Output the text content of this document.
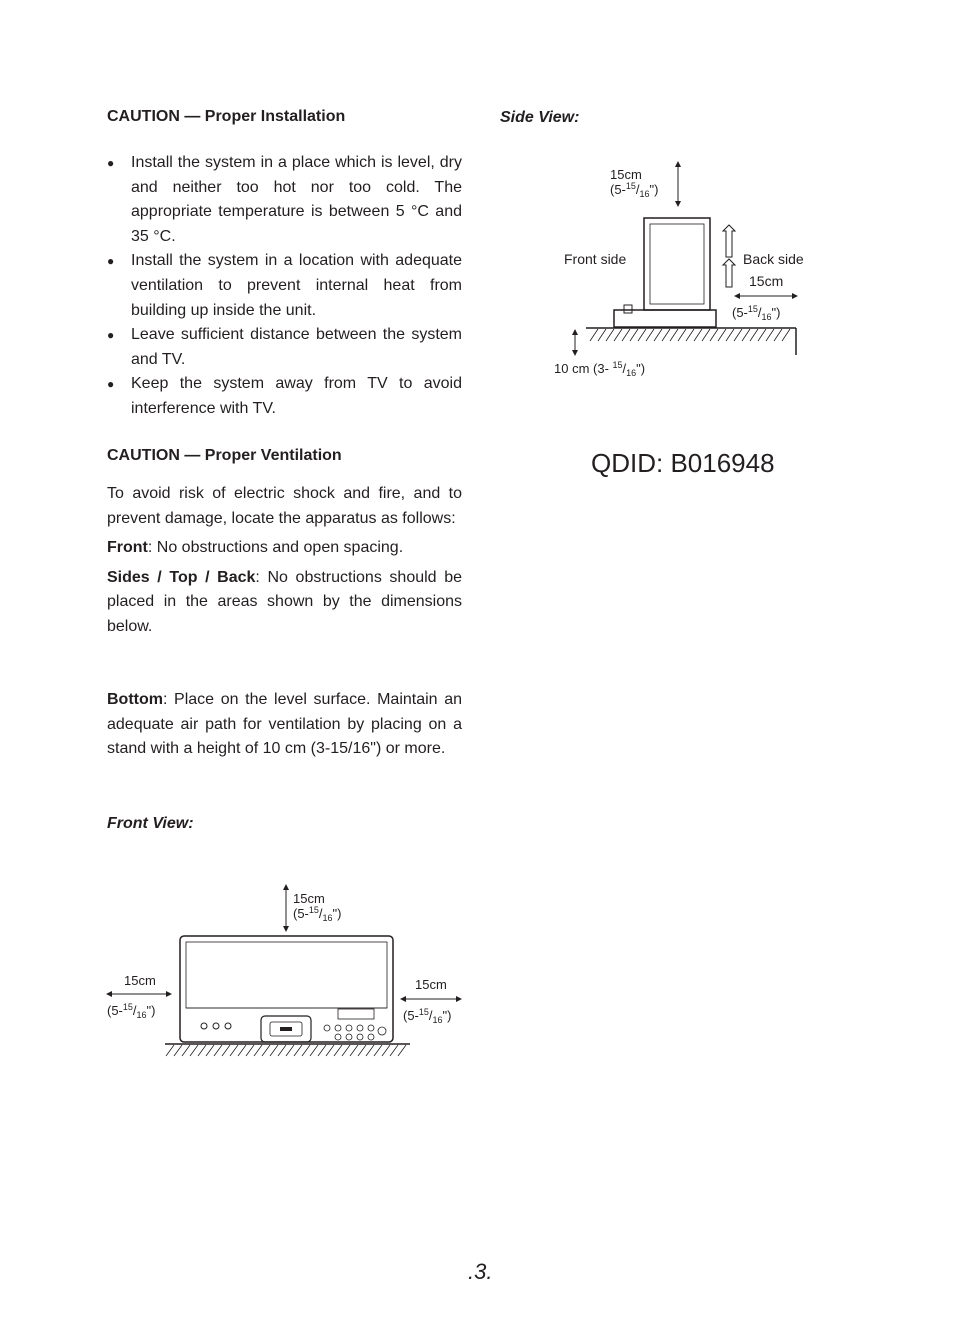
CAUTION — Proper Installation
● Install the system in a place which is level, dry and neither too hot nor too cold. The appropriate temperature is between 5 °C and 35 °C.
● Install the system in a location with adequate ventilation to prevent internal heat from building up inside the unit.
● Leave sufficient distance between the system and TV.
● Keep the system away from TV to avoid interference with TV.
CAUTION — Proper Ventilation

To avoid risk of electric shock and fire, and to prevent damage, locate the apparatus as follows:

Front: No obstructions and open spacing.

Sides / Top / Back: No obstructions should be placed in the areas shown by the dimensions below.

Bottom: Place on the level surface. Maintain an adequate air path for ventilation by placing on a stand with a height of 10 cm (3-15/16") or more.
Front View:
Side View:
15cm
$(5-^{15}/_{16}")$
Front side	Back side
15cm
$(5-^{15}/_{16}")$
10 cm (3- $^{15}/_{16}$")
QDID: B016948
15cm
$(5-^{15}/_{16}")$
15cm
$(5-^{15}/_{16}")$
15cm
$(5-^{15}/_{16}")$
.3.
